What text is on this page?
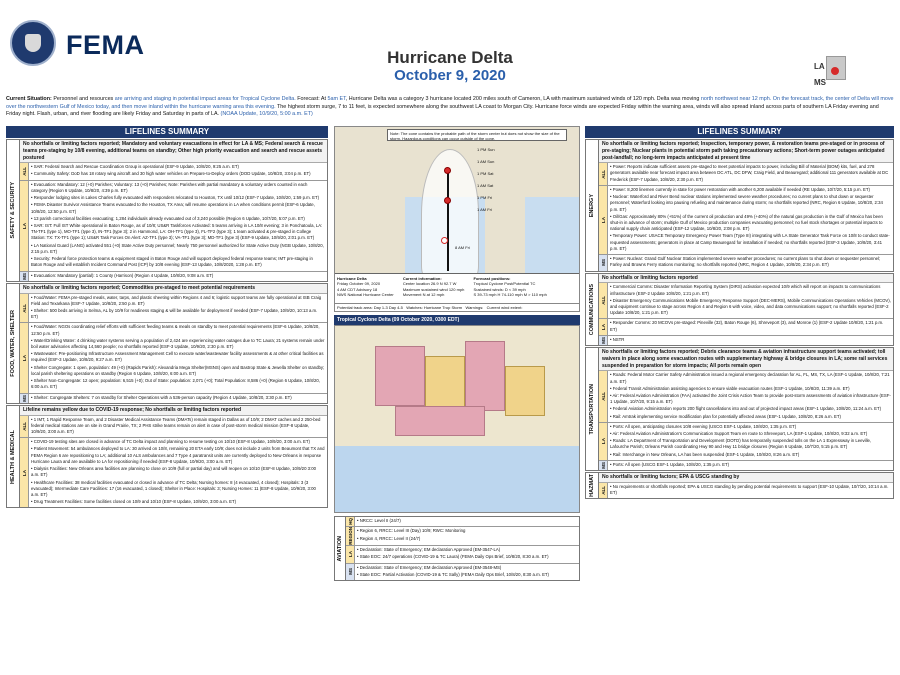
FEMA	Hurricane Delta
October 9, 2020
LA
MS
Current Situation: Personnel and resources are arriving and staging in potential impact areas for Tropical Cyclone Delta. Forecast: At 5am ET, Hurricane Delta was a category 3 hurricane located 200 miles south of Cameron, LA with maximum sustained winds of 120 mph. Delta was moving north northwest near 12 mph. On the forecast track, the center of Delta will move over the northwestern Gulf of Mexico today, and then move inland within the hurricane warning area this evening. The highest storm surge, 7 to 11 feet, is expected somewhere along the southwest LA coast to Morgan City. Hurricane force winds are expected Friday within the warning area, winds will also spread inland across parts of southern LA Friday evening and Friday night. Flash, urban, and river flooding are likely Friday and Saturday in parts of LA. (NOAA Update, 10/9/20, 5:00 a.m. ET)
LIFELINES SUMMARY
SAFETY & SECURITY
No shortfalls or limiting factors reported; Mandatory and voluntary evacuations in effect for LA & MS; Federal search & rescue teams pre-staging by 10/8 evening, additional teams on standby; Other high priority evacuation and search and rescue assets postured
ALL
• SAR: Federal Search and Rescue Coordination Group is operational (ESF-9 Update, 10/8/20, 9:25 a.m. ET)
• Community Safety: DoD has 18 rotary wing aircraft and 30 high water vehicles on Prepare-to-Deploy orders (DOD Update, 10/8/20, 3:04 p.m. ET)
LA
• Evacuation: Mandatory: 12 (+0) Parishes; Voluntary: 13 (+0) Parishes; Note: Parishes with partial mandatory & voluntary orders counted in each category (Region 6 Update, 10/8/20, 4:39 p.m. ET)
• Responder lodging sites in Lakes Charles fully evacuated with responders relocated to Houston, TX until 10/12 (ESF-7 Update, 10/8/20, 1:59 p.m. ET)
• FEMA Disaster Survivor Assistance Teams evacuated to the Houston, TX Area; will resume operations in LA when conditions permit (ESF-6 Update, 10/8/20, 12:50 p.m. ET)
• 13 parish correctional facilities evacuating; 1,284 individuals already evacuated out of 3,240 possible (Region 6 Update, 10/7/20, 5:07 p.m. ET)
• SAR: IST: Full IST White operational in Baton Rouge, as of 10/8; US&R Taskforces Activated: 5 teams arriving in LA 10/8 evening; 3 in Ponchatoula, LA: TN-TF1 (type 1), MO-TF1 (type 3), IN-TF1 (type 3); 2 in Hammond, LA: OH-TF1 (type 3), FL-TF2 (type 3); 1 team activated & pre-staged in College Station: TX: TX-TF1 (type 1); US&R Task Forces On Alert: AZ-TF1 (type 3); VA-TF1 (type 3); MD-TF1 (type 3) (ESF-9 Update, 10/9/20, 2:01 p.m. ET)
• LA National Guard (LANG) activated 551 (+0) State Active Duty personnel; Nearly 750 personnel authorized for State Active Duty (NGB Update, 10/8/20, 2:15 p.m. ET)
• Security: Federal force protection teams & equipment staged in Baton Rouge and will support deployed federal response teams; IMT pre-staging in Baton Rouge and will establish Incident Command Post (ICP) by 10/8 evening (ESF-13 Update, 10/8/2020, 1:28 p.m. ET)
MS	• Evacuation: Mandatory (partial): 1 County (Harrison) (Region 4 Update, 10/8/20, 9:08 a.m. ET)
FOOD, WATER, SHELTER
No shortfalls or limiting factors reported; Commodities pre-staged to meet potential requirements
ALL
• Food/Water: FEMA pre-staged meals, water, tarps, and plastic sheeting within Regions 4 and 6; logistic support teams are fully operational at ISB Craig Field and Texarkana (ESF-7 Update, 10/8/20, 2:50 p.m. ET)
• Shelter: 500 beds arriving in Selma, AL by 10/9 for readiness staging & will be available for deployment if needed (ESF-7 Update, 10/9/20, 10:13 a.m. ET)
LA
• Food/Water: NGOs coordinating relief efforts with sufficient feeding teams & meals on standby to meet potential requirements (ESF-6 Update, 10/8/20, 12:50 p.m. ET)
• Water/Drinking Water: 4 drinking water systems serving a population of 2,424 are experiencing water outages due to TC Laura; 21 systems remain under boil water advisories affecting 14,560 people; no shortfalls reported (ESF-3 Update, 10/9/20, 2:30 p.m. ET)
• Wastewater: Pre-positioning Infrastructure Assessment Management Cell to execute water/wastewater facility assessments & at other critical facilities as required (ESF-3 Update, 10/8/20, 9:27 a.m. ET)
• Shelter Congregate: 1 open, population: 49 (+0) (Rapids Parish): Alexandria Mega Shelter(MSNS) open and Bastrop State & Jewella Shelter on standby; local parish sheltering operations on standby (Region 6 Update, 10/8/20, 6:00 a.m. ET)
• Shelter Non-Congregate: 12 open; population: 6,515 (+0); Out of State: population: 2,071 (+0); Total Population: 8,586 (+0) (Region 6 Update, 10/8/20, 6:00 a.m. ET)
MS	• Shelter: Congregate Shelters: 7 on standby for Shelter Operations with a 536-person capacity (Region 4 Update, 10/8/20, 3:30 p.m. ET)
HEALTH & MEDICAL
Lifeline remains yellow due to COVID-19 response; No shortfalls or limiting factors reported
ALL
• 1 IMT, 1 Rapid Response Team, and 2 Disaster Medical Assistance Teams (DMATs) remain staged in Dallas as of 10/9; 2 DMAT caches and 2 250-bed federal medical stations are on site in Grand Prairie, TX; 2 PHS strike teams remain on alert in case of post-storm medical mission (ESF-8 Update, 10/9/20, 3:00 a.m. ET)
LA
• COVID-19 testing sites are closed in advance of TC Delta impact and planning to resume testing on 10/10 (ESF-8 Update, 10/9/20, 3:00 a.m. ET)
• Patient Movement: 54 ambulances deployed to LA: 30 arrived on 10/8, remaining 20 ETA early 10/9; does not include 2 units from Beaumont that TX and FEMA Region 6 are repositioning to LA; additional 10 ALS ambulances and 7 Type 4 paratransit units are currently deployed to New Orleans in response Hurricane Laura and are available to LA for repositioning if needed (ESF-8 Update, 10/9/20, 3:00 a.m. ET)
• Dialysis Facilities: New Orleans area facilities are planning to close on 10/9 (full or partial day) and will reopen on 10/10 (ESF-8 Update, 10/9/20 3:00 a.m. ET)
• Healthcare Facilities: 38 medical facilities evacuated or closed in advance of TC Delta; Nursing homes: 8 (4 evacuated, 4 closed); Hospitals: 3 (3 evacuated); Intermediate Care Facilities: 17 (16 evacuated, 1 closed); Shelter in Place: Hospitals: 3; Nursing Homes: 11 (ESF-8 Update, 10/9/20, 3:00 a.m. ET)
• Drug Treatment Facilities: Some facilities closed on 10/9 and 10/10 (ESF-8 Update, 10/9/20, 3:00 a.m. ET)
Note: The cone contains the probable path of the storm center but does not show the size of the storm. Hazardous conditions can occur outside of the cone.
1 PM Sun
1 AM Sun
1 PM Sat
1 AM Sat
1 PM Fri
1 AM Fri
8 AM Fri
Hurricane Delta
Friday October 09, 2020
4 AM CDT Advisory 18
NWS National Hurricane Center Current information:
Center location 26.9 N 92.7 W
Maximum sustained wind 120 mph
Movement N at 12 mph Forecast positions:
Tropical Cyclone Post/Potential TC
Sustained winds: D < 39 mph
S 39-73 mph H 74-110 mph M > 110 mph
Potential track area: Day 1-3 Day 4-5 Watches: Hurricane Trop Storm Warnings: Current wind extent:
Tropical Cyclone Delta (09 October 2020, 0300 EDT)
AVIATION
HQ	• NRCC: Level II (24/7)
REGION	• Region 6, RRCC: Level III (Day) 10/9; RWC: Monitoring
• Region 4, RRCC: Level II (24/7)
LA
• Declaration: State of Emergency; EM declaration Approved (EM-3547-LA)
• State EOC: 24/7 operations (COVID-19 & TC Laura) (FEMA Daily Ops Brief, 10/8/20, 8:30 a.m. ET)
MS
• Declaration: State of Emergency; EM declaration Approved (EM-3548-MS)
• State EOC: Partial Activation (COVID-19 & TC Sally) (FEMA Daily Ops Brief, 10/8/20, 8:30 a.m. ET)
LIFELINES SUMMARY
ENERGY
No shortfalls or limiting factors reported; Inspection, temporary power, & restoration teams pre-staged or in process of pre-staging; Nuclear plants in potential storm path taking precautionary actions; Short-term power outages anticipated post-landfall; no long-term impacts anticipated at present time
ALL
• Power: Reports indicate sufficient assets pre-staged to meet potential impacts to power, including Bill of Material (BOM) kits, fuel, and 278 generators available near forecast impact area between DC ATL, DC DFW, Craig Field, and Beauregard; additional 111 generators available at DC Frederick (ESF-7 Update, 10/8/20, 2:30 p.m. ET)
LA
• Power: 8,200 linemen currently in state for power restoration with another 6,200 available if needed (RE Update, 10/7/20, 5:15 p.m. ET)
• Nuclear: Waterford and River Bend nuclear stations implemented severe weather procedures; no current plans to shut down or sequester personnel; Waterford looking into pausing refueling and maintenance during storm; no shortfalls reported (NRC, Region 6 Update, 10/8/20, 2:34 p.m. ET)
• Oil/Gas: Approximately 80% (+51%) of the current oil production and 49% (+40%) of the natural gas production in the Gulf of Mexico has been shut-in in advance of storm; multiple Gulf of Mexico production companies evacuating personnel; no fuel stock shortages or potential impacts to national supply chain anticipated (ESF-12 Update, 10/8/20, 2:08 p.m. ET)
• Temporary Power: USACE Temporary Emergency Power Team (Type III) integrating with LA State Generator Task Force on 10/8 to conduct state-requested assessments; generators in place at Camp Beauregard for installation if needed; no shortfalls reported (ESF-3 Update, 10/8/20, 3:41 p.m. ET)
MS
• Power: Nuclear: Grand Gulf Nuclear Station implemented severe weather procedures; no current plans to shut down or sequester personnel; Farley and Browns Ferry stations monitoring; no shortfalls reported (NRC, Region 4 Update, 10/8/20, 2:34 p.m. ET)
COMMUNICATIONS
No shortfalls or limiting factors reported
ALL
• Commercial Comms: Disaster Information Reporting System (DIRS) activation expected 10/9 which will report on impacts to communications infrastructure (ESF-2 Update 10/8/20, 1:21 p.m. ET)
• Disaster Emergency Communications Mobile Emergency Response Support (DEC-MERS), Mobile Communications Operations Vehicles (MCOV), and equipment continue to stage across Region 4 and Region 6 with voice, video, and data communications support; no shortfalls reported (ESF-2 Update 10/8/20, 1:21 p.m. ET)
LA
• Responder Comms: 20 MCOVs pre-staged: Pineville (32), Baton Rouge (6), Shreveport (3), and Monroe (1) (ESF-2 Update 10/8/20, 1:21 p.m. ET)
MS	• NSTR
TRANSPORTATION
No shortfalls or limiting factors reported; Debris clearance teams & aviation infrastructure support teams activated; toll waivers in place along some evacuation routes with supplementary highway & bridge closures in LA; some rail services suspended in preparation for storm impacts; All ports remain open
ALL
• Roads: Federal Motor Carrier Safety Administration issued a regional emergency declaration for AL, FL, MS, TX, LA (ESF-1 Update, 10/8/20, 7:21 a.m. ET)
• Federal Transit Administration assisting agencies to ensure viable evacuation routes (ESF-1 Update, 10/8/20, 11:39 a.m. ET)
• Air: Federal Aviation Administration (FAA) activated the Joint Crisis Action Team to provide post-storm assessments of aviation infrastructure (ESF-1 Update, 10/7/20, 9:15 a.m. ET)
• Federal Aviation Administration reports 200 flight cancellations into and out of projected impact areas (ESF-1 Update, 10/8/20, 11:24 a.m. ET)
• Rail: Amtrak implementing service modification plan for potentially affected areas (ESF-1 Update, 10/8/20, 8:26 a.m. ET)
LA
• Ports: All open, anticipating closures 10/8 evening (USCG ESF-1 Update, 10/8/20, 1:35 p.m. ET)
• Air: Federal Aviation Administration's Communication Support Team en route to Shreveport, LA (ESF-1 Update, 10/8/20, 9:32 a.m. ET)
• Roads: LA Department of Transportation and Development (DOTD) has temporarily suspended tolls on the LA 1 Expressway in Leeville, Lafourche Parish; Orleans Parish coordinating Hwy 90 and Hwy 11 bridge closures (Region 6 Update, 10/7/20, 5:15 p.m. ET)
• Rail: Interchange in New Orleans, LA has been suspended (ESF-1 Update, 10/8/20, 8:26 a.m. ET)
MS	• Ports: All open (USCG ESF-1 Update, 10/8/20, 1:35 p.m. ET)
HAZMAT	No shortfalls or limiting factors; EPA & USCG standing by
ALL	• No requirements or shortfalls reported; EPA & USCG standing by pending potential requirements to support (ESF-10 Update, 10/7/20, 10:14 a.m. ET)
